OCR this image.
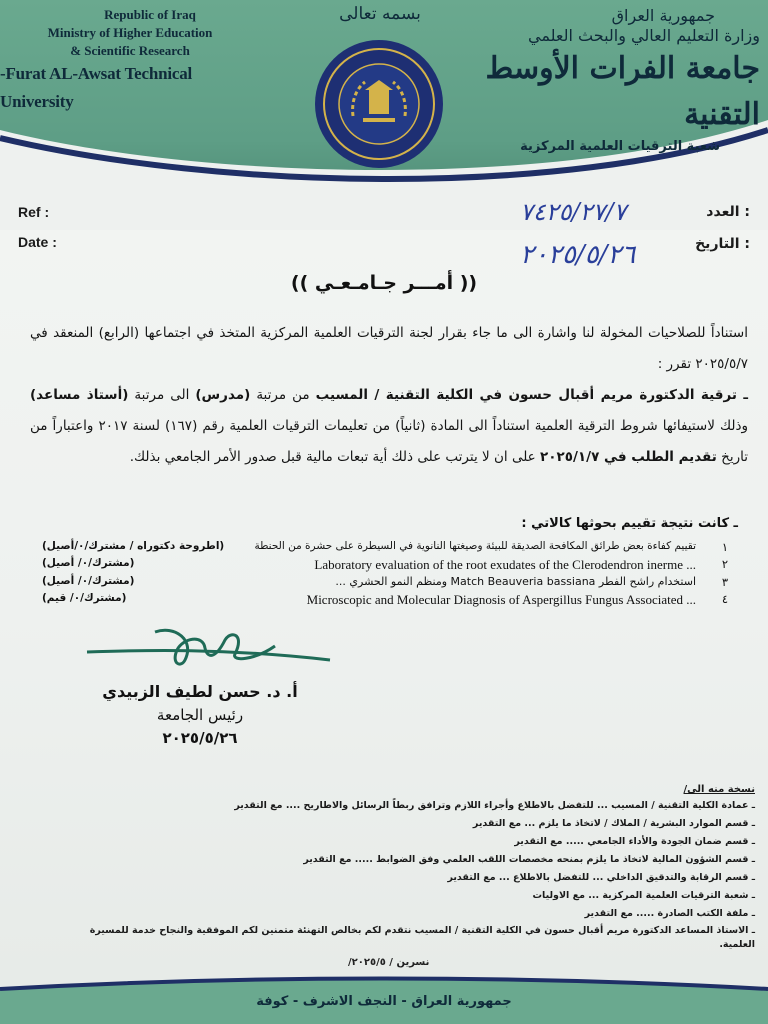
Republic of Iraq
Ministry of Higher Education
& Scientific Research
-Furat AL-Awsat Technical University
بسمه تعالى	جمهورية العراق
وزارة التعليم العالي والبحث العلمي
جامعة الفرات الأوسط التقنية
شعبة الترقيات العلمية المركزية
Ref :
Date :
: العدد
: التاريخ
٧٤٢٥/٢٧/٧
٢٠٢٥/٥/٢٦
(( أمـــر جـامـعـي ))

استناداً للصلاحيات المخولة لنا واشارة الى ما جاء بقرار لجنة الترقيات العلمية المركزية المتخذ في اجتماعها (الرابع) المنعقد في ٢٠٢٥/٥/٧ تقرر :

ـ ترقية الدكتورة مريم أقبال حسون في الكلية التقنية / المسيب من مرتبة (مدرس) الى مرتبة (أستاذ مساعد) وذلك لاستيفائها شروط الترقية العلمية استناداً الى المادة (ثانياً) من تعليمات الترقيات العلمية رقم (١٦٧) لسنة ٢٠١٧ واعتباراً من تاريخ تقديم الطلب في ٢٠٢٥/١/٧ على ان لا يترتب على ذلك أية تبعات مالية قبل صدور الأمر الجامعي بذلك.

ـ كانت نتيجة تقييم بحوثها كالاتي :
١
تقييم كفاءة بعض طرائق المكافحة الصديقة للبيئة وصيغتها النانوية في السيطرة على حشرة من الحنطة
(اطروحة دكتوراه / مشترك/٠/أصيل)
٢
Laboratory evaluation of the root exudates of the Clerodendron inerme ...
(مشترك/٠/ أصيل)
٣
استخدام راشح الفطر Match Beauveria bassiana ومنظم النمو الحشري ...
(مشترك/٠/ أصيل)
٤
Microscopic and Molecular Diagnosis of Aspergillus Fungus Associated ...
(مشترك/٠/ قيم)
أ. د. حسن لطيف الزبيدي
رئيس الجامعة
٢٠٢٥/٥/٢٦
نسخة منه الى/
ـ عمادة الكلية التقنية / المسيب ... للتفضل بالاطلاع وأجراء اللازم وترافق ربطاً الرسائل والاطاريح .... مع التقدير
ـ قسم الموارد البشرية / الملاك / لاتخاذ ما يلزم ... مع التقدير
ـ قسم ضمان الجودة والأداء الجامعي ..... مع التقدير
ـ قسم الشؤون المالية لاتخاذ ما يلزم بمنحه مخصصات اللقب العلمي وفق الضوابط ..... مع التقدير
ـ قسم الرقابة والتدقيق الداخلي ... للتفضل بالاطلاع ... مع التقدير
ـ شعبة الترقيات العلمية المركزية ... مع الاوليات
ـ ملفة الكتب الصادرة ..... مع التقدير
ـ الاستاذ المساعد الدكتورة مريم أقبال حسون في الكلية التقنية / المسيب نتقدم لكم بخالص التهنئة متمنين لكم الموفقية والنجاح خدمة للمسيرة العلمية.
نسرين / ٢٠٢٥/٥/
جمهورية العراق - النجف الاشرف - كوفة
